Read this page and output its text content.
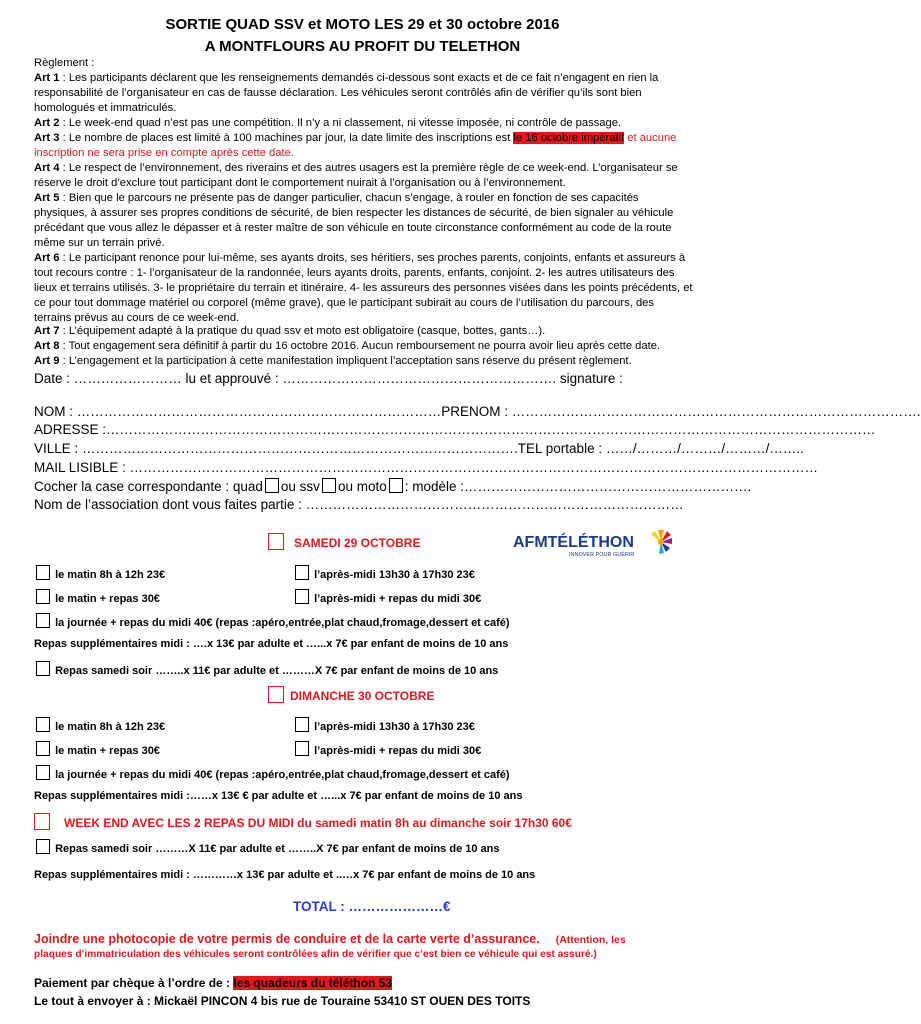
SORTIE QUAD SSV et MOTO LES 29 et 30 octobre 2016
A MONTFLOURS AU PROFIT DU TELETHON
Règlement :
Art 1 : Les participants déclarent que les renseignements demandés ci-dessous sont exacts et de ce fait n’engagent en rien la responsabilité de l’organisateur en cas de fausse déclaration. Les véhicules seront contrôlés afin de vérifier qu’ils sont bien homologués et immatriculés.
Art 2 : Le week-end quad n’est pas une compétition. Il n’y a ni classement, ni vitesse imposée, ni contrôle de passage.
Art 3 : Le nombre de places est limité à 100 machines par jour, la date limite des inscriptions est le 16 octobre impératif et aucune inscription ne sera prise en compte après cette date.
Art 4 : Le respect de l’environnement, des riverains et des autres usagers est la première règle de ce week-end. L’organisateur se réserve le droit d’exclure tout participant dont le comportement nuirait à l’organisation ou à l’environnement.
Art 5 : Bien que le parcours ne présente pas de danger particulier, chacun s’engage, à rouler en fonction de ses capacités physiques, à assurer ses propres conditions de sécurité, de bien respecter les distances de sécurité, de bien signaler au véhicule précédant que vous allez le dépasser et à rester maître de son véhicule en toute circonstance conformément au code de la route même sur un terrain privé.
Art 6 : Le participant renonce pour lui-même, ses ayants droits, ses héritiers, ses proches parents, conjoints, enfants et assureurs à tout recours contre : 1- l’organisateur de la randonnée, leurs ayants droits, parents, enfants, conjoint. 2- les autres utilisateurs des lieux et terrains utilisés. 3- le propriétaire du terrain et itinéraire. 4- les assureurs des personnes visées dans les points précédents, et ce pour tout dommage matériel ou corporel (même grave), que le participant subirait au cours de l’utilisation du parcours, des terrains prévus au cours de ce week-end.
Art 7 : L’équipement adapté à la pratique du quad ssv et moto est obligatoire (casque, bottes, gants…).
Art 8 : Tout engagement sera définitif à partir du 16 octobre 2016. Aucun remboursement ne pourra avoir lieu après cette date.
Art 9 : L’engagement et la participation à cette manifestation impliquent l’acceptation sans réserve du présent règlement.
Date : …………………… lu et approuvé : ……………………………………………………. signature :
NOM : ………………………………………………………………………PRENOM : ……………………………………………………………………………….
ADRESSE :………………………………………………………………………………………………………………………………………………………
VILLE : …………………………………………………………………………………….TEL portable : ……/………/………/………/……..
MAIL LISIBLE : ………………………………………………………………………………………………………………………………………
Cocher la case correspondante : quad ou ssv ou moto : modèle :……………………………………………………….
Nom de l’association dont vous faites partie : …………………………………………………………………………
SAMEDI 29 OCTOBRE	AFMTÉLÉTHON
INNOVER POUR GUÉRIR
le matin 8h à 12h 23€	l’après-midi 13h30 à 17h30 23€
le matin + repas 30€	l’après-midi + repas du midi 30€
la journée + repas du midi 40€ (repas :apéro,entrée,plat chaud,fromage,dessert et café)
Repas supplémentaires midi : ….x 13€ par adulte et …...x 7€ par enfant de moins de 10 ans
Repas samedi soir ……..x 11€ par adulte et ………X 7€ par enfant de moins de 10 ans
DIMANCHE 30 OCTOBRE
le matin 8h à 12h 23€	l’après-midi 13h30 à 17h30 23€
le matin + repas 30€	l’après-midi + repas du midi 30€
la journée + repas du midi 40€ (repas :apéro,entrée,plat chaud,fromage,dessert et café)
Repas supplémentaires midi :……x 13€ € par adulte et …...x 7€ par enfant de moins de 10 ans
WEEK END AVEC LES 2 REPAS DU MIDI du samedi matin 8h au dimanche soir 17h30 60€
Repas samedi soir ………X 11€ par adulte et ……..X 7€ par enfant de moins de 10 ans
Repas supplémentaires midi : …………x 13€ par adulte et ..…x 7€ par enfant de moins de 10 ans
TOTAL : …………………€
Joindre une photocopie de votre permis de conduire et de la carte verte d’assurance. (Attention, les
plaques d’immatriculation des véhicules seront contrôlées afin de vérifier que c’est bien ce véhicule qui est assuré.)
Paiement par chèque à l’ordre de : les quadeurs du téléthon 53
Le tout à envoyer à : Mickaël PINCON 4 bis rue de Touraine 53410 ST OUEN DES TOITS
